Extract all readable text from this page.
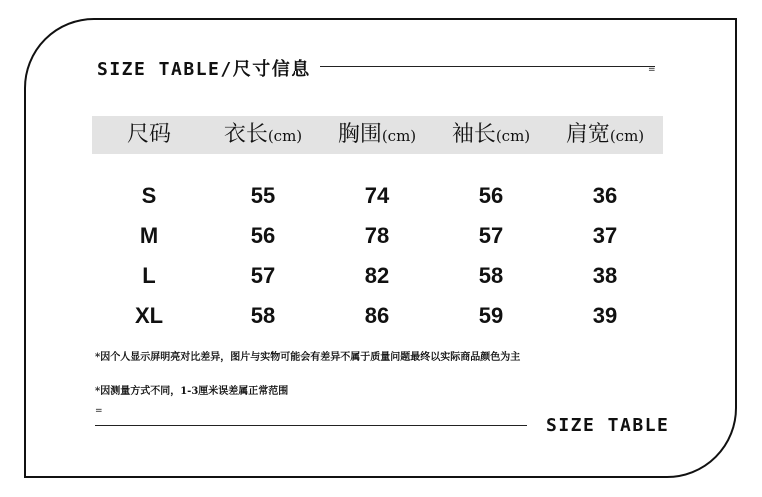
SIZE TABLE/尺寸信息	=
尺码	衣长(cm)	胸围(cm)	袖长(cm)	肩宽(cm)
S	55	74	56	36
M	56	78	57	37
L	57	82	58	38
XL	58	86	59	39
*因个人显示屏明亮对比差异，图片与实物可能会有差异不属于质量问题最终以实际商品颜色为主
*因测量方式不同，1-3厘米误差属正常范围
=
SIZE TABLE
